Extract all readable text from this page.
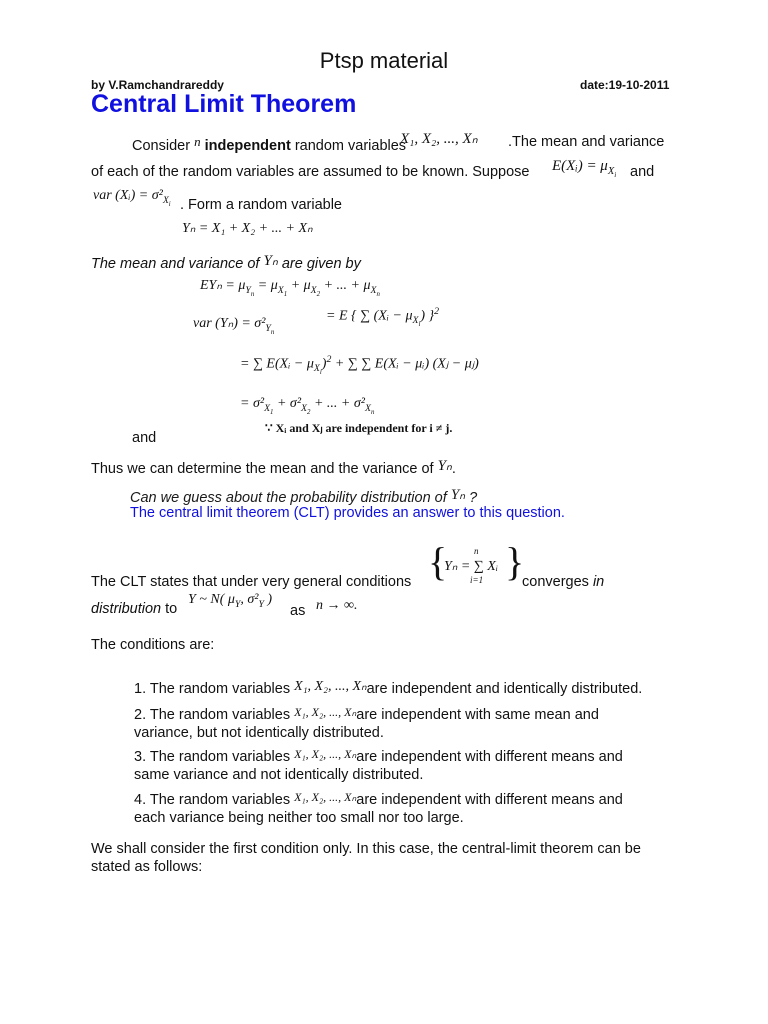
Ptsp material
by V.Ramchandrareddy	date:19-10-2011
Central Limit Theorem
Consider n independent random variables
X₁, X₂, ..., Xₙ .The mean and variance
of each of the random variables are assumed to be known. Suppose E(Xᵢ) = $\mu_{X_i}$ and
var (Xᵢ) = $\sigma^2_{X_i}$ . Form a random variable
Yₙ = X₁ + X₂ + ... + Xₙ
The mean and variance of Yₙ are given by
$EY_n = \mu_{Y_n} = \mu_{X_1} + \mu_{X_2}$ + ... + $\mu_{X_n}$
var $(Y_n) = \sigma^2_{Y_n}$
= E { ∑ (Xᵢ − $\mu_{X_i}$) }$^2$
= ∑ E(Xᵢ − $\mu_{X_i})^2$ + ∑ ∑ E(Xᵢ − μᵢ) (Xⱼ − μⱼ)
= $\sigma^2_{X_1} + \sigma^2_{X_2}$ + ... + $\sigma^2_{X_n}$
and
∵ Xᵢ and Xⱼ are independent for i ≠ j.
Thus we can determine the mean and the variance of Yₙ.
Can we guess about the probability distribution of Yₙ ?
The central limit theorem (CLT) provides an answer to this question.
{
Yₙ = ∑ Xᵢ
n
i=1 }
The CLT states that under very general conditions	converges in
distribution to
Y ~ N( $\mu_Y$, $\sigma^2_Y$ )
as n → ∞.
The conditions are:
1. The random variables X₁, X₂, ..., Xₙare independent and identically distributed.
2. The random variables $^{X_1, X_2, ..., X_n}$are independent with same mean and
variance, but not identically distributed.
3. The random variables $^{X_1, X_2, ..., X_n}$are independent with different means and
same variance and not identically distributed.
4. The random variables $^{X_1, X_2, ..., X_n}$are independent with different means and
each variance being neither too small nor too large.
We shall consider the first condition only. In this case, the central-limit theorem can be
stated as follows:
